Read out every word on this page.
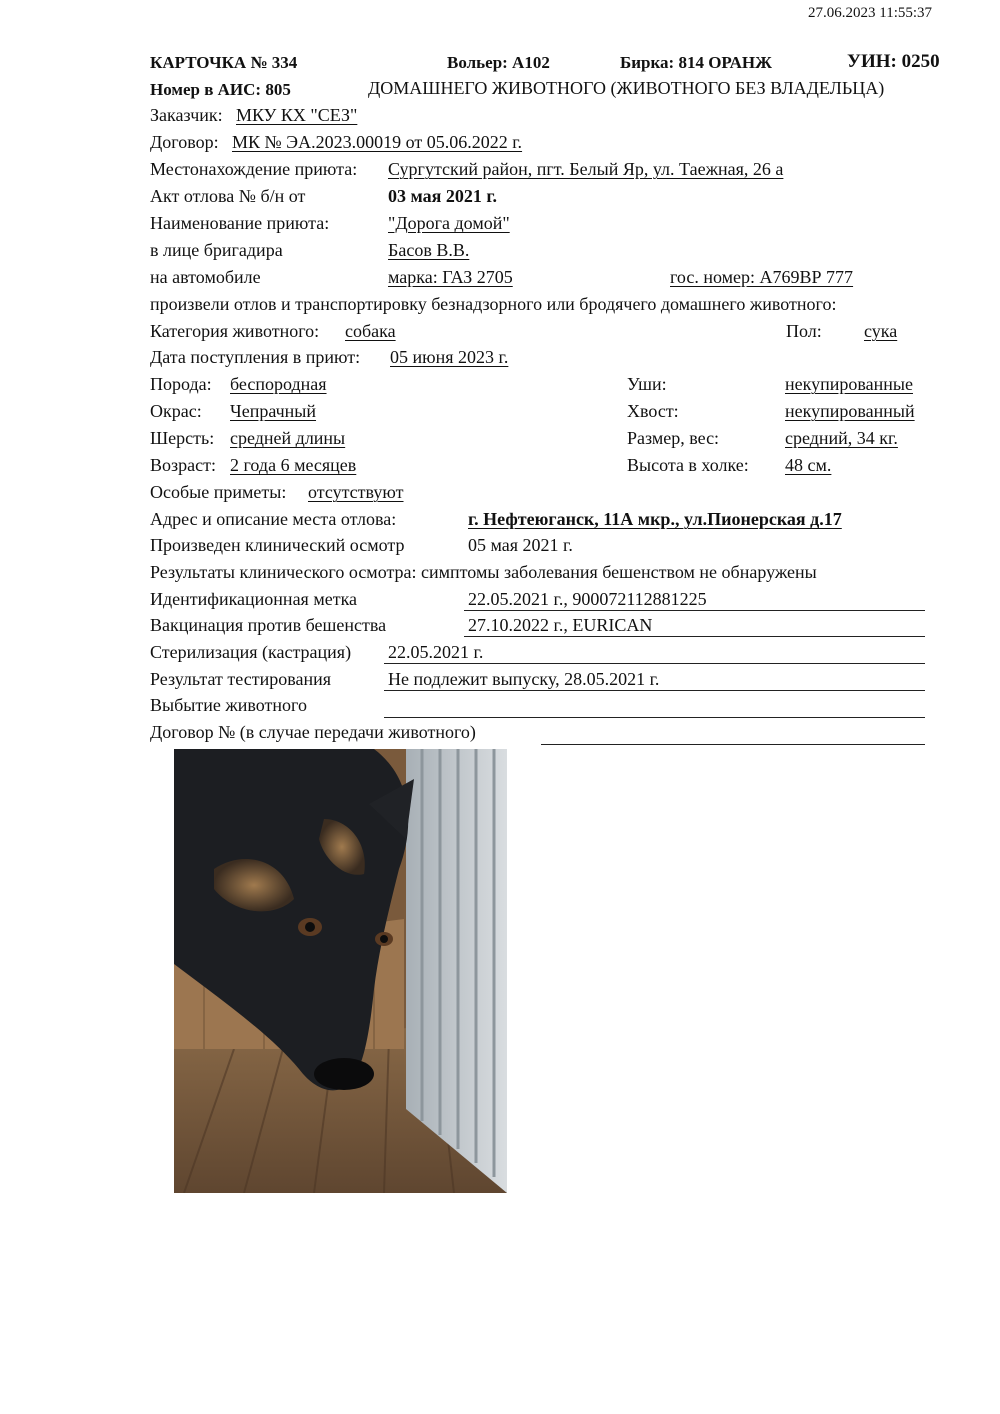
27.06.2023 11:55:37
КАРТОЧКА № 334	Вольер: А102	Бирка: 814 ОРАНЖ	УИН: 0250
Номер в АИС: 805	ДОМАШНЕГО ЖИВОТНОГО (ЖИВОТНОГО БЕЗ ВЛАДЕЛЬЦА)
Заказчик: МКУ КХ "СЕЗ"
Договор: МК № ЭА.2023.00019 от 05.06.2022 г.
Местонахождение приюта: Сургутский район, пгт. Белый Яр, ул. Таежная, 26 а
Акт отлова № б/н от	03 мая 2021 г.
Наименование приюта:	"Дорога домой"
в лице бригадира	Басов В.В.
на автомобиле	марка: ГАЗ 2705	гос. номер: А769ВР 777
произвели отлов и транспортировку безнадзорного или бродячего домашнего животного:
Категория животного: собака	Пол: сука
Дата поступления в приют: 05 июня 2023 г.
Порода: беспородная	Уши:	некупированные
Окрас: Чепрачный	Хвост:	некупированный
Шерсть: средней длины	Размер, вес:	средний, 34 кг.
Возраст: 2 года 6 месяцев	Высота в холке: 48 см.
Особые приметы: отсутствуют
Адрес и описание места отлова:	г. Нефтеюганск, 11А мкр., ул.Пионерская д.17
Произведен клинический осмотр	05 мая 2021 г.
Результаты клинического осмотра: симптомы заболевания бешенством не обнаружены
Идентификационная метка	22.05.2021 г., 900072112881225
Вакцинация против бешенства	27.10.2022 г., EURICAN
Стерилизация (кастрация) 22.05.2021 г.
Результат тестирования	Не подлежит выпуску, 28.05.2021 г.
Выбытие животного
Договор № (в случае передачи животного)
